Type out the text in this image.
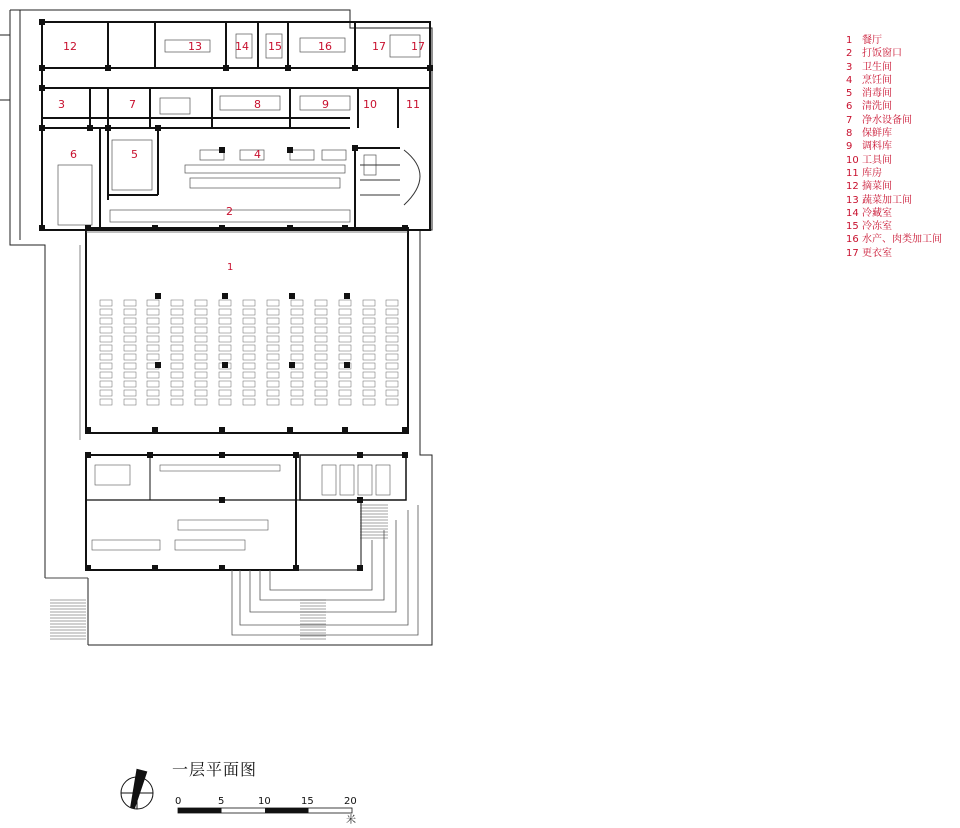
12	13	14 15	16	17 17
3	7	8	9	10	11
6	5	4
2
1
1 餐厅
2 打饭窗口
3 卫生间
4 烹饪间
5 消毒间
6 清洗间
7 净水设备间
8 保鲜库
9 调料库
10 工具间
11 库房
12 摘菜间
13 蔬菜加工间
14 冷藏室
15 冷冻室
16 水产、肉类加工间
17 更衣室
一层平面图
0	5	10	15	20
米
